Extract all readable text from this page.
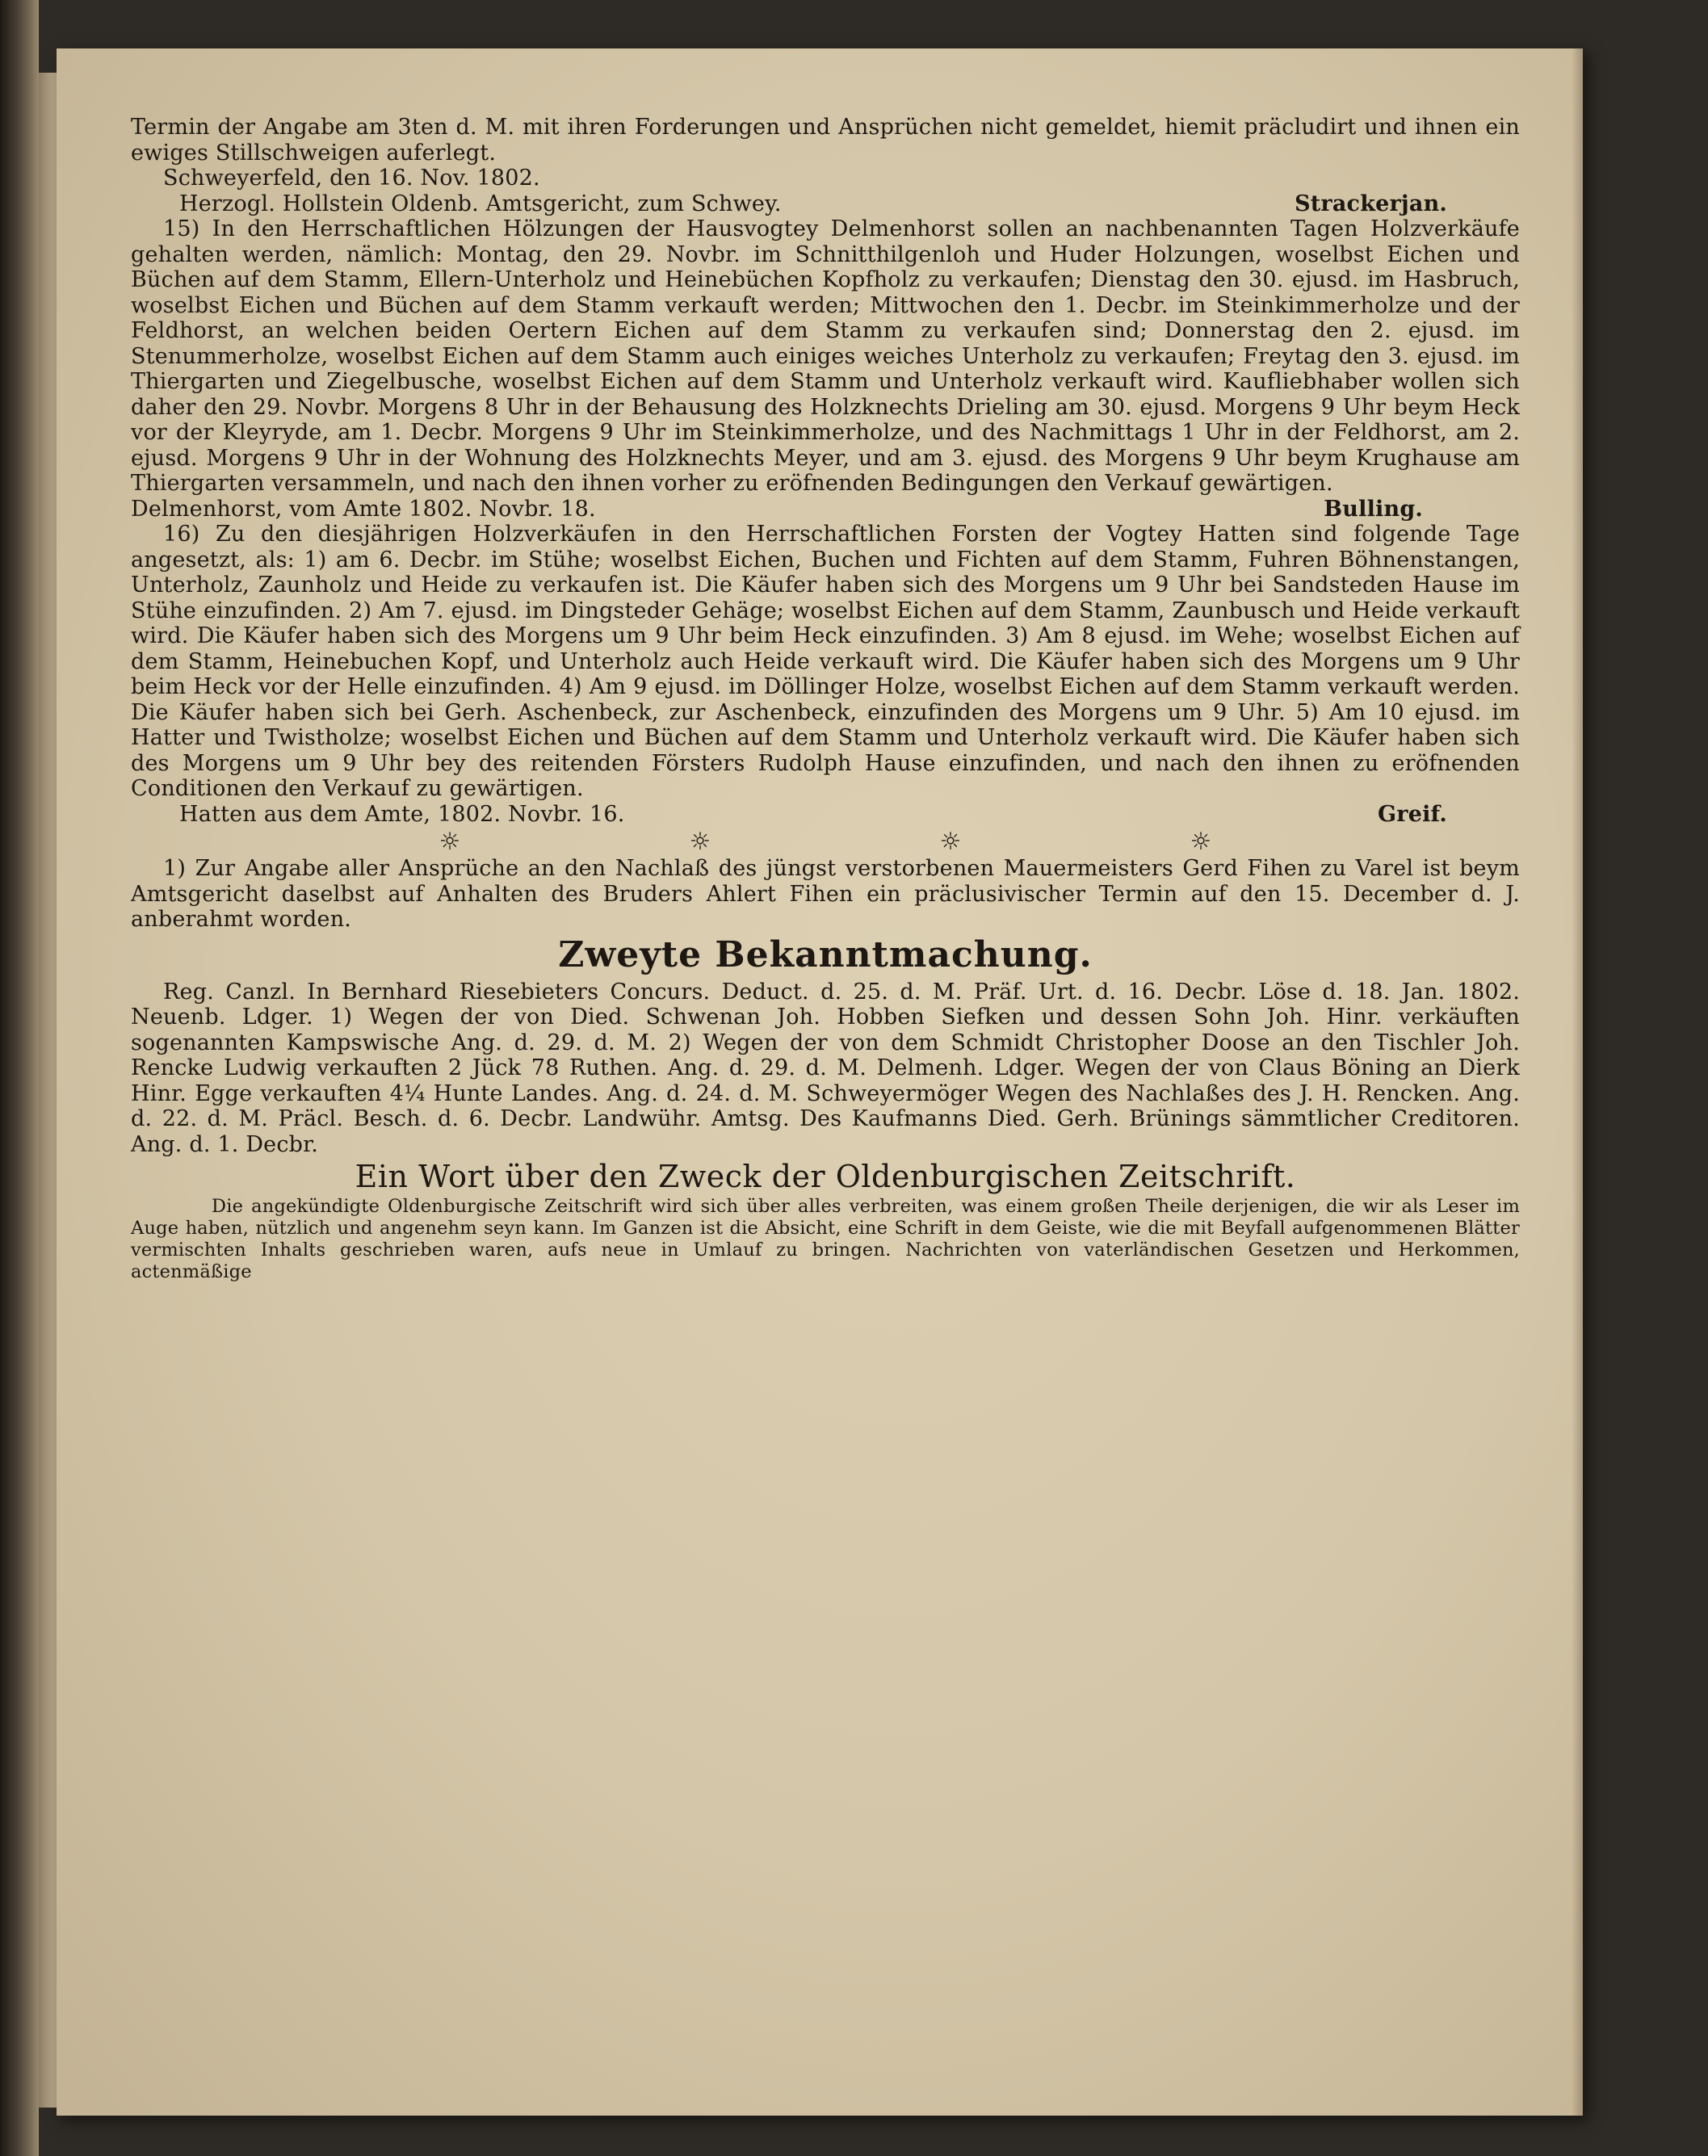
Termin der Angabe am 3ten d. M. mit ihren Forderungen und Ansprüchen nicht gemeldet, hiemit präcludirt und ihnen ein ewiges Stillschweigen auferlegt.

Schweyerfeld, den 16. Nov. 1802.

Herzogl. Hollstein Oldenb. Amtsgericht, zum Schwey.	Strackerjan.

15) In den Herrschaftlichen Hölzungen der Hausvogtey Delmenhorst sollen an nachbenannten Tagen Holzverkäufe gehalten werden, nämlich: Montag, den 29. Novbr. im Schnitthilgenloh und Huder Holzungen, woselbst Eichen und Büchen auf dem Stamm, Ellern-Unterholz und Heinebüchen Kopfholz zu verkaufen; Dienstag den 30. ejusd. im Hasbruch, woselbst Eichen und Büchen auf dem Stamm verkauft werden; Mittwochen den 1. Decbr. im Steinkimmerholze und der Feldhorst, an welchen beiden Oertern Eichen auf dem Stamm zu verkaufen sind; Donnerstag den 2. ejusd. im Stenummerholze, woselbst Eichen auf dem Stamm auch einiges weiches Unterholz zu verkaufen; Freytag den 3. ejusd. im Thiergarten und Ziegelbusche, woselbst Eichen auf dem Stamm und Unterholz verkauft wird. Kaufliebhaber wollen sich daher den 29. Novbr. Morgens 8 Uhr in der Behausung des Holzknechts Drieling am 30. ejusd. Morgens 9 Uhr beym Heck vor der Kleyryde, am 1. Decbr. Morgens 9 Uhr im Steinkimmerholze, und des Nachmittags 1 Uhr in der Feldhorst, am 2. ejusd. Morgens 9 Uhr in der Wohnung des Holzknechts Meyer, und am 3. ejusd. des Morgens 9 Uhr beym Krughause am Thiergarten versammeln, und nach den ihnen vorher zu eröfnenden Bedingungen den Verkauf gewärtigen.

Delmenhorst, vom Amte 1802. Novbr. 18.	Bulling.

16) Zu den diesjährigen Holzverkäufen in den Herrschaftlichen Forsten der Vogtey Hatten sind folgende Tage angesetzt, als: 1) am 6. Decbr. im Stühe; woselbst Eichen, Buchen und Fichten auf dem Stamm, Fuhren Böhnenstangen, Unterholz, Zaunholz und Heide zu verkaufen ist. Die Käufer haben sich des Morgens um 9 Uhr bei Sandsteden Hause im Stühe einzufinden. 2) Am 7. ejusd. im Dingsteder Gehäge; woselbst Eichen auf dem Stamm, Zaunbusch und Heide verkauft wird. Die Käufer haben sich des Morgens um 9 Uhr beim Heck einzufinden. 3) Am 8 ejusd. im Wehe; woselbst Eichen auf dem Stamm, Heinebuchen Kopf, und Unterholz auch Heide verkauft wird. Die Käufer haben sich des Morgens um 9 Uhr beim Heck vor der Helle einzufinden. 4) Am 9 ejusd. im Döllinger Holze, woselbst Eichen auf dem Stamm verkauft werden. Die Käufer haben sich bei Gerh. Aschenbeck, zur Aschenbeck, einzufinden des Morgens um 9 Uhr. 5) Am 10 ejusd. im Hatter und Twistholze; woselbst Eichen und Büchen auf dem Stamm und Unterholz verkauft wird. Die Käufer haben sich des Morgens um 9 Uhr bey des reitenden Försters Rudolph Hause einzufinden, und nach den ihnen zu eröfnenden Conditionen den Verkauf zu gewärtigen.

Hatten aus dem Amte, 1802. Novbr. 16.	Greif.
☼	☼	☼	☼

1) Zur Angabe aller Ansprüche an den Nachlaß des jüngst verstorbenen Mauermeisters Gerd Fihen zu Varel ist beym Amtsgericht daselbst auf Anhalten des Bruders Ahlert Fihen ein präclusivischer Termin auf den 15. December d. J. anberahmt worden.

Zweyte Bekanntmachung.

Reg. Canzl. In Bernhard Riesebieters Concurs. Deduct. d. 25. d. M. Präf. Urt. d. 16. Decbr. Löse d. 18. Jan. 1802. Neuenb. Ldger. 1) Wegen der von Died. Schwenan Joh. Hobben Siefken und dessen Sohn Joh. Hinr. verkäuften sogenannten Kampswische Ang. d. 29. d. M. 2) Wegen der von dem Schmidt Christopher Doose an den Tischler Joh. Rencke Ludwig verkauften 2 Jück 78 Ruthen. Ang. d. 29. d. M. Delmenh. Ldger. Wegen der von Claus Böning an Dierk Hinr. Egge verkauften 4¼ Hunte Landes. Ang. d. 24. d. M. Schweyermöger Wegen des Nachlaßes des J. H. Rencken. Ang. d. 22. d. M. Präcl. Besch. d. 6. Decbr. Landwühr. Amtsg. Des Kaufmanns Died. Gerh. Brünings sämmtlicher Creditoren. Ang. d. 1. Decbr.

Ein Wort über den Zweck der Oldenburgischen Zeitschrift.

Die angekündigte Oldenburgische Zeitschrift wird sich über alles verbreiten, was einem großen Theile derjenigen, die wir als Leser im Auge haben, nützlich und angenehm seyn kann. Im Ganzen ist die Absicht, eine Schrift in dem Geiste, wie die mit Beyfall aufgenommenen Blätter vermischten Inhalts geschrieben waren, aufs neue in Umlauf zu bringen. Nachrichten von vaterländischen Gesetzen und Herkommen, actenmäßige
